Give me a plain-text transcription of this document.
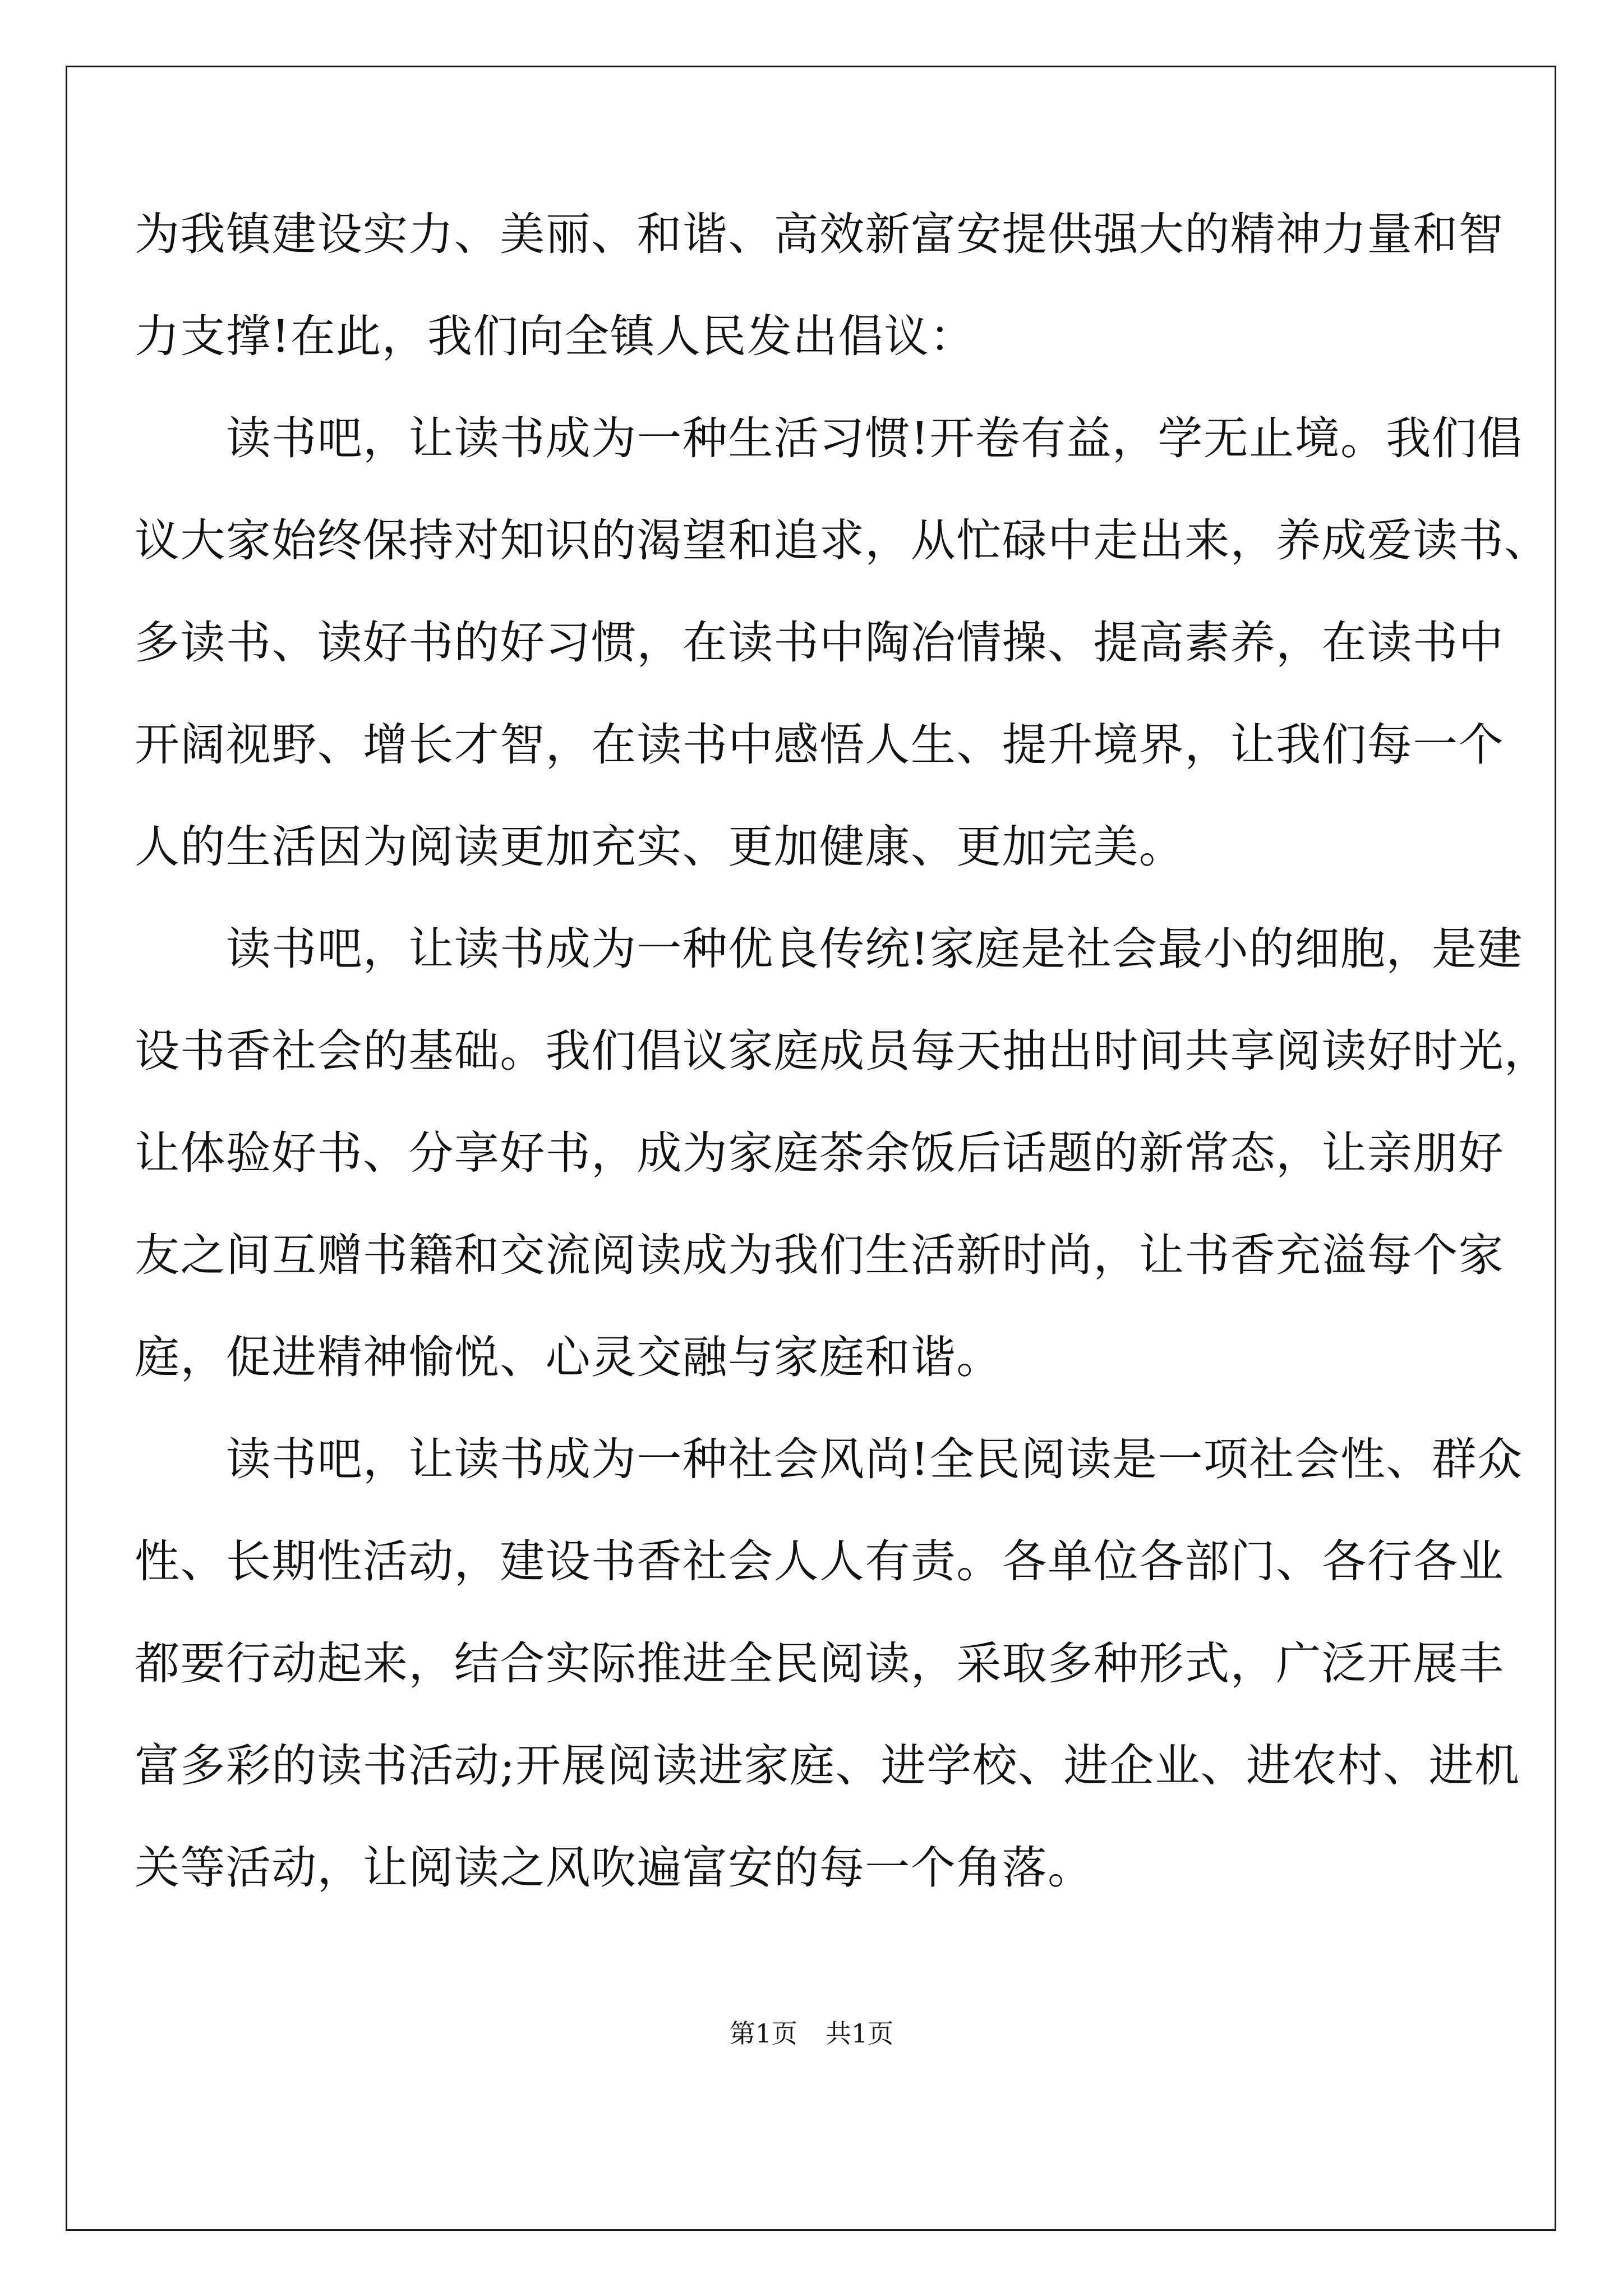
为我镇建设实力、美丽、和谐、高效新富安提供强大的精神力量和智
力支撑!在此，我们向全镇人民发出倡议：
　　读书吧，让读书成为一种生活习惯!开卷有益，学无止境。我们倡
议大家始终保持对知识的渴望和追求，从忙碌中走出来，养成爱读书、
多读书、读好书的好习惯，在读书中陶冶情操、提高素养，在读书中
开阔视野、增长才智，在读书中感悟人生、提升境界，让我们每一个
人的生活因为阅读更加充实、更加健康、更加完美。
　　读书吧，让读书成为一种优良传统!家庭是社会最小的细胞，是建
设书香社会的基础。我们倡议家庭成员每天抽出时间共享阅读好时光，
让体验好书、分享好书，成为家庭茶余饭后话题的新常态，让亲朋好
友之间互赠书籍和交流阅读成为我们生活新时尚，让书香充溢每个家
庭，促进精神愉悦、心灵交融与家庭和谐。
　　读书吧，让读书成为一种社会风尚!全民阅读是一项社会性、群众
性、长期性活动，建设书香社会人人有责。各单位各部门、各行各业
都要行动起来，结合实际推进全民阅读，采取多种形式，广泛开展丰
富多彩的读书活动;开展阅读进家庭、进学校、进企业、进农村、进机
关等活动，让阅读之风吹遍富安的每一个角落。
第1页 共1页
